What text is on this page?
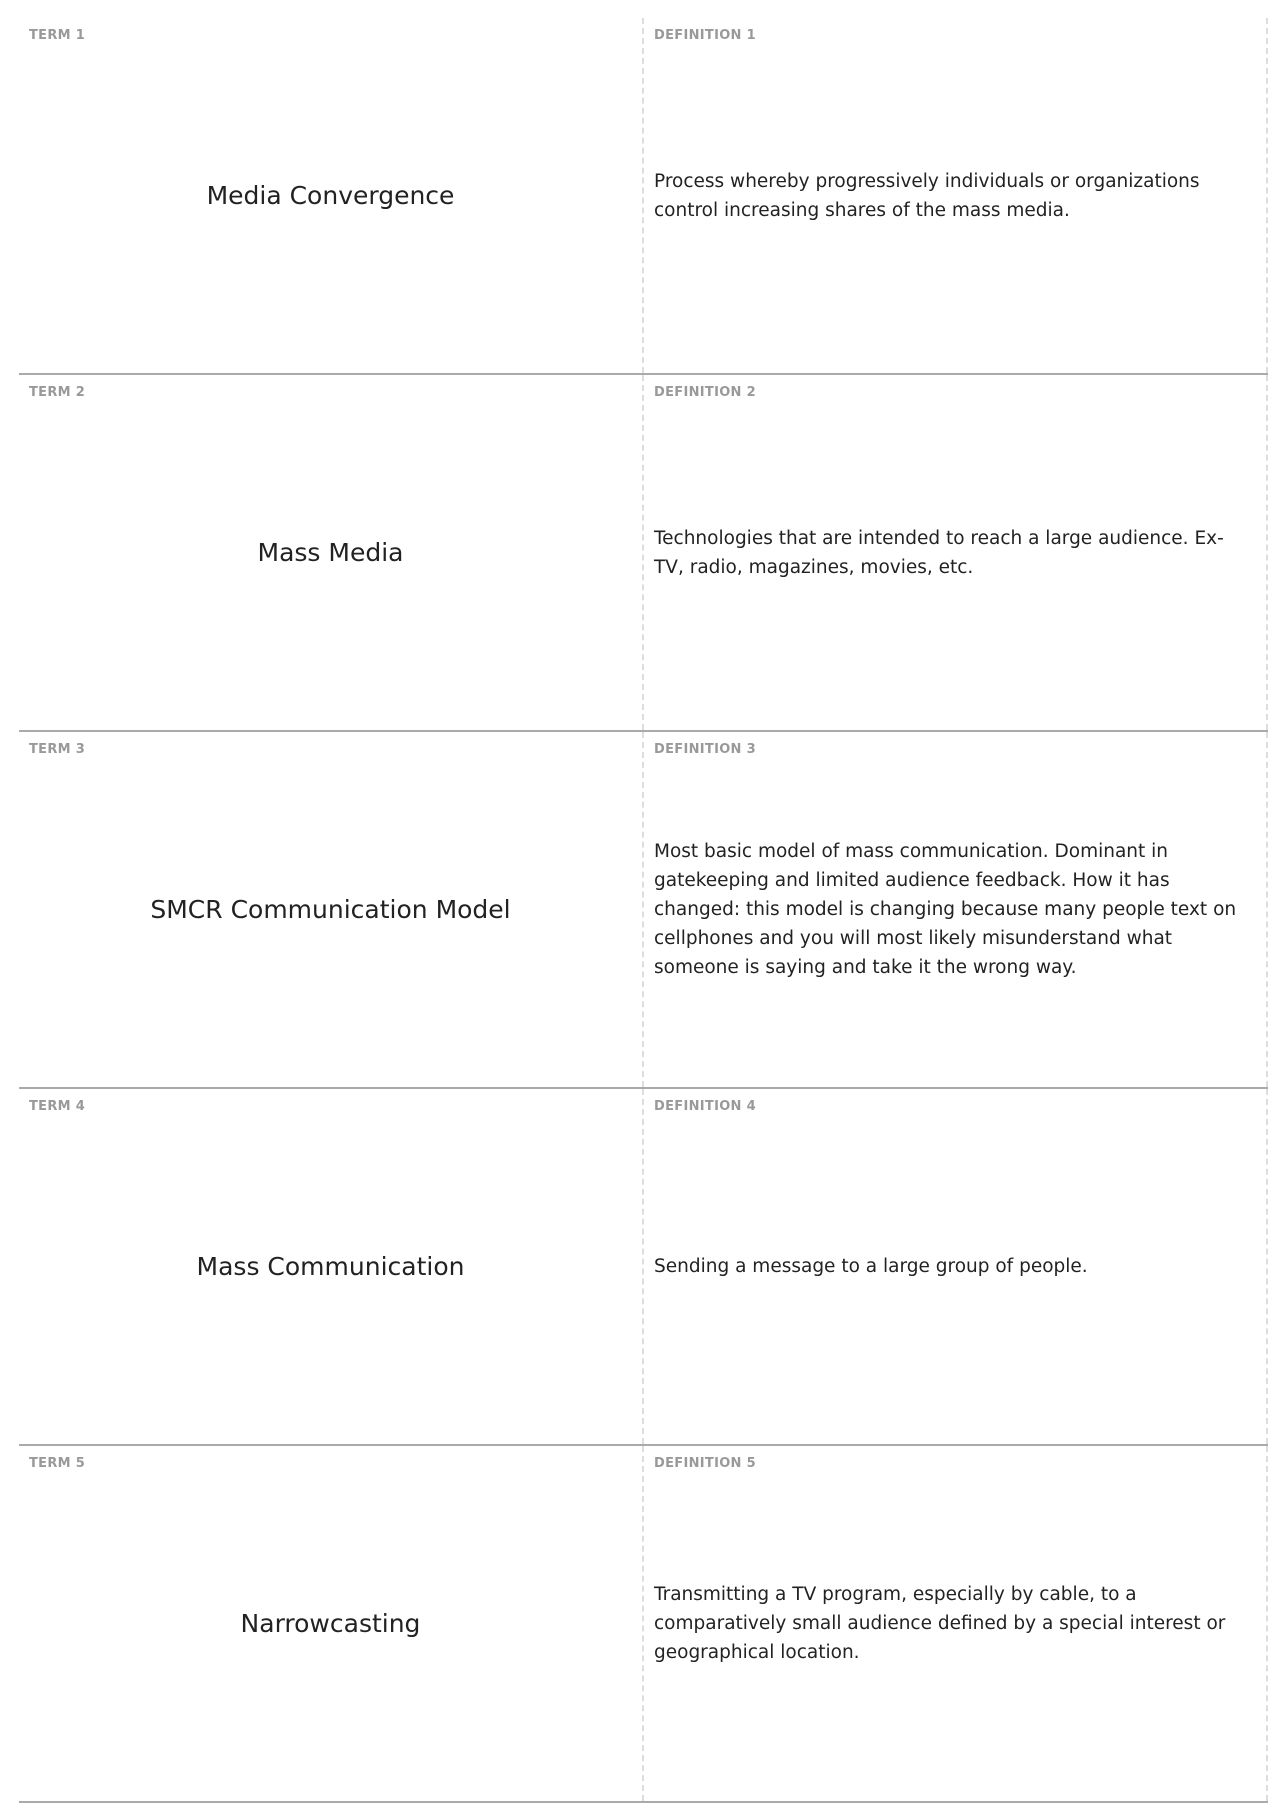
TERM 1
Media Convergence
DEFINITION 1
Process whereby progressively individuals or organizations control increasing shares of the mass media.
TERM 2
Mass Media
DEFINITION 2
Technologies that are intended to reach a large audience. Ex- TV, radio, magazines, movies, etc.
TERM 3
SMCR Communication Model
DEFINITION 3
Most basic model of mass communication. Dominant in gatekeeping and limited audience feedback. How it has changed: this model is changing because many people text on cellphones and you will most likely misunderstand what someone is saying and take it the wrong way.
TERM 4
Mass Communication
DEFINITION 4
Sending a message to a large group of people.
TERM 5
Narrowcasting
DEFINITION 5
Transmitting a TV program, especially by cable, to a comparatively small audience defined by a special interest or geographical location.
